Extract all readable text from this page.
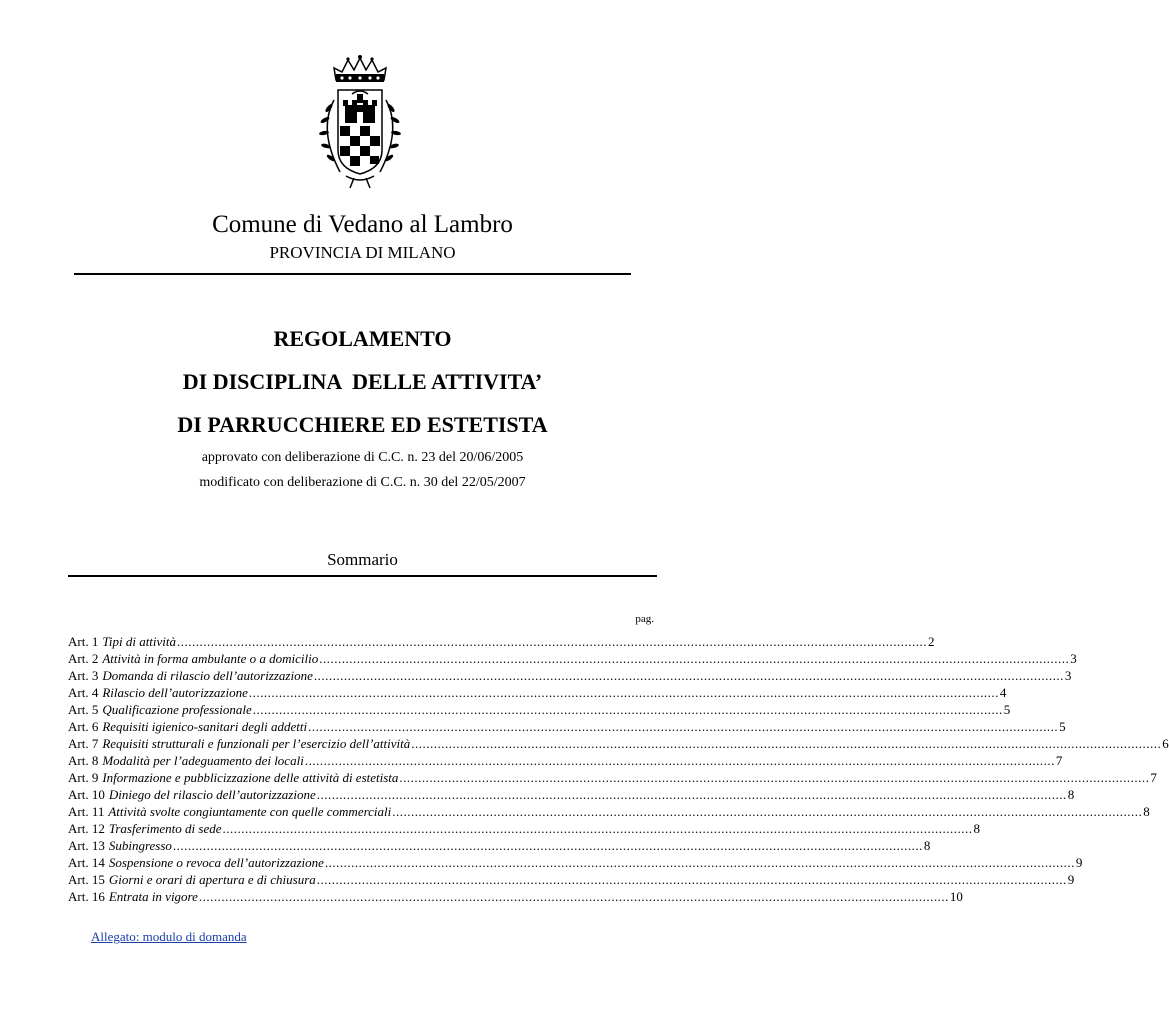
Comune di Vedano al Lambro
PROVINCIA DI MILANO
REGOLAMENTO
DI DISCIPLINA  DELLE ATTIVITA’
DI PARRUCCHIERE ED ESTETISTA
approvato con deliberazione di C.C. n. 23 del 20/06/2005
modificato con deliberazione di C.C. n. 30 del 22/05/2007
Sommario
pag.
Art. 1 Tipi di attività ........................................................................................................................................................................................................ 2
Art. 2 Attività in forma ambulante o a domicilio ........................................................................................................................................................................................................ 3
Art. 3 Domanda di rilascio dell’autorizzazione ........................................................................................................................................................................................................ 3
Art. 4 Rilascio dell’autorizzazione ........................................................................................................................................................................................................ 4
Art. 5 Qualificazione professionale ........................................................................................................................................................................................................ 5
Art. 6 Requisiti igienico-sanitari degli addetti ........................................................................................................................................................................................................ 5
Art. 7 Requisiti strutturali e funzionali per l’esercizio dell’attività ........................................................................................................................................................................................................ 6
Art. 8 Modalità per l’adeguamento dei locali ........................................................................................................................................................................................................ 7
Art. 9 Informazione e pubblicizzazione delle attività di estetista ........................................................................................................................................................................................................ 7
Art. 10 Diniego del rilascio dell’autorizzazione ........................................................................................................................................................................................................ 8
Art. 11 Attività svolte congiuntamente con quelle commerciali ........................................................................................................................................................................................................ 8
Art. 12 Trasferimento di sede ........................................................................................................................................................................................................ 8
Art. 13 Subingresso ........................................................................................................................................................................................................ 8
Art. 14 Sospensione o revoca dell’autorizzazione ........................................................................................................................................................................................................ 9
Art. 15 Giorni e orari di apertura e di chiusura ........................................................................................................................................................................................................ 9
Art. 16 Entrata in vigore ........................................................................................................................................................................................................ 10
Allegato: modulo di domanda
